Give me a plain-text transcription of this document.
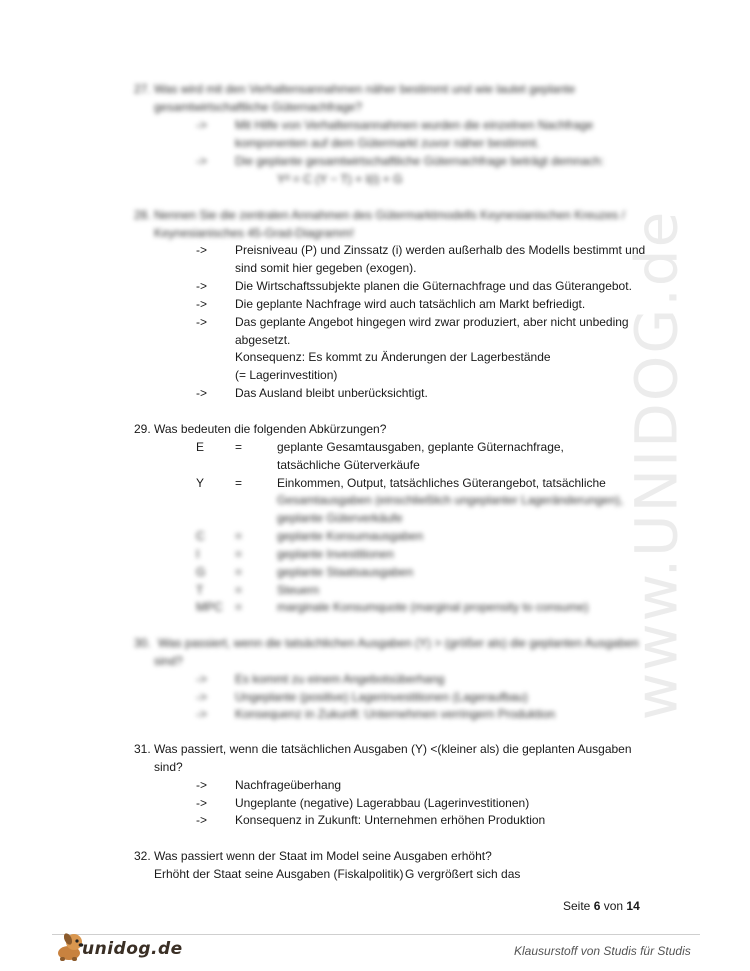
www.UNIDOG.de
27. Was wird mit den Verhaltensannahmen näher bestimmt und wie lautet geplante
gesamtwirtschaftliche Güternachfrage?
-> Mit Hilfe von Verhaltensannahmen wurden die einzelnen Nachfrage
komponenten auf dem Gütermarkt zuvor näher bestimmt.
-> Die geplante gesamtwirtschaftliche Güternachfrage beträgt demnach:
Yᵈ = C (Y − T) + I(i) + G
28. Nennen Sie die zentralen Annahmen des Gütermarktmodells Keynesianischen Kreuzes /
Keynesianisches 45-Grad-Diagramm!
-> Preisniveau (P) und Zinssatz (i) werden außerhalb des Modells bestimmt und
sind somit hier gegeben (exogen).
-> Die Wirtschaftssubjekte planen die Güternachfrage und das Güterangebot.
-> Die geplante Nachfrage wird auch tatsächlich am Markt befriedigt.
-> Das geplante Angebot hingegen wird zwar produziert, aber nicht unbeding
abgesetzt.
Konsequenz: Es kommt zu Änderungen der Lagerbestände
(= Lagerinvestition)
-> Das Ausland bleibt unberücksichtigt.
29. Was bedeuten die folgenden Abkürzungen?
E	=	geplante Gesamtausgaben, geplante Güternachfrage,
tatsächliche Güterverkäufe
Y	=	Einkommen, Output, tatsächliches Güterangebot, tatsächliche
Gesamtausgaben (einschließlich ungeplanter Lageränderungen),
geplante Güterverkäufe
C	=	geplante Konsumausgaben
I	=	geplante Investitionen
G =	geplante Staatsausgaben
T	=	Steuern
MPC =	marginale Konsumquote (marginal propensity to consume)
30. Was passiert, wenn die tatsächlichen Ausgaben (Y) > (größer als) die geplanten Ausgaben
sind?
-> Es kommt zu einem Angebotsüberhang
-> Ungeplante (positive) Lagerinvestitionen (Lageraufbau)
-> Konsequenz in Zukunft: Unternehmen verringern Produktion
31. Was passiert, wenn die tatsächlichen Ausgaben (Y) <(kleiner als) die geplanten Ausgaben
sind?
-> Nachfrageüberhang
-> Ungeplante (negative) Lagerabbau (Lagerinvestitionen)
-> Konsequenz in Zukunft: Unternehmen erhöhen Produktion
32. Was passiert wenn der Staat im Model seine Ausgaben erhöht?
Erhöht der Staat seine Ausgaben (Fiskalpolitik) G vergrößert sich das
Seite 6 von 14
unidog.de	Klausurstoff von Studis für Studis
